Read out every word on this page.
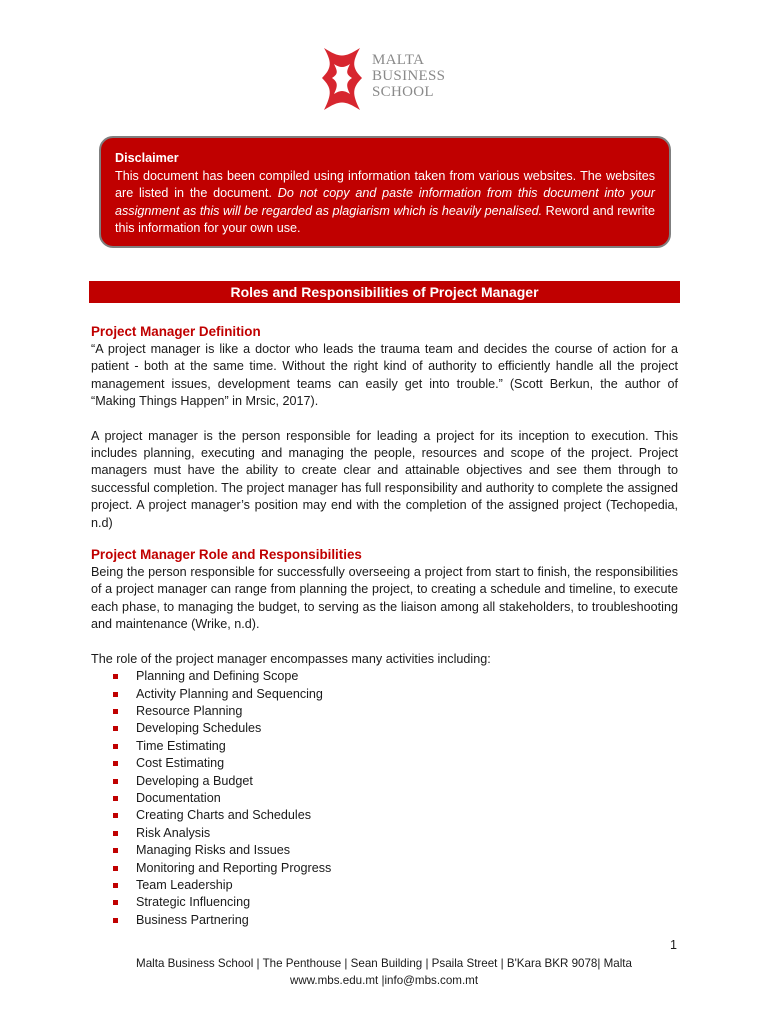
MALTA
BUSINESS
SCHOOL
Disclaimer
This document has been compiled using information taken from various websites. The websites are listed in the document. Do not copy and paste information from this document into your assignment as this will be regarded as plagiarism which is heavily penalised. Reword and rewrite this information for your own use.
Roles and Responsibilities of Project Manager
Project Manager Definition

“A project manager is like a doctor who leads the trauma team and decides the course of action for a patient - both at the same time. Without the right kind of authority to efficiently handle all the project management issues, development teams can easily get into trouble.” (Scott Berkun, the author of “Making Things Happen” in Mrsic, 2017).

A project manager is the person responsible for leading a project for its inception to execution. This includes planning, executing and managing the people, resources and scope of the project. Project managers must have the ability to create clear and attainable objectives and see them through to successful completion. The project manager has full responsibility and authority to complete the assigned project. A project manager’s position may end with the completion of the assigned project (Techopedia, n.d)

Project Manager Role and Responsibilities

Being the person responsible for successfully overseeing a project from start to finish, the responsibilities of a project manager can range from planning the project, to creating a schedule and timeline, to execute each phase, to managing the budget, to serving as the liaison among all stakeholders, to troubleshooting and maintenance (Wrike, n.d).

The role of the project manager encompasses many activities including:

Planning and Defining Scope
Activity Planning and Sequencing
Resource Planning
Developing Schedules
Time Estimating
Cost Estimating
Developing a Budget
Documentation
Creating Charts and Schedules
Risk Analysis
Managing Risks and Issues
Monitoring and Reporting Progress
Team Leadership
Strategic Influencing
Business Partnering
1
Malta Business School | The Penthouse | Sean Building | Psaila Street | B'Kara BKR 9078| Malta
www.mbs.edu.mt |info@mbs.com.mt
